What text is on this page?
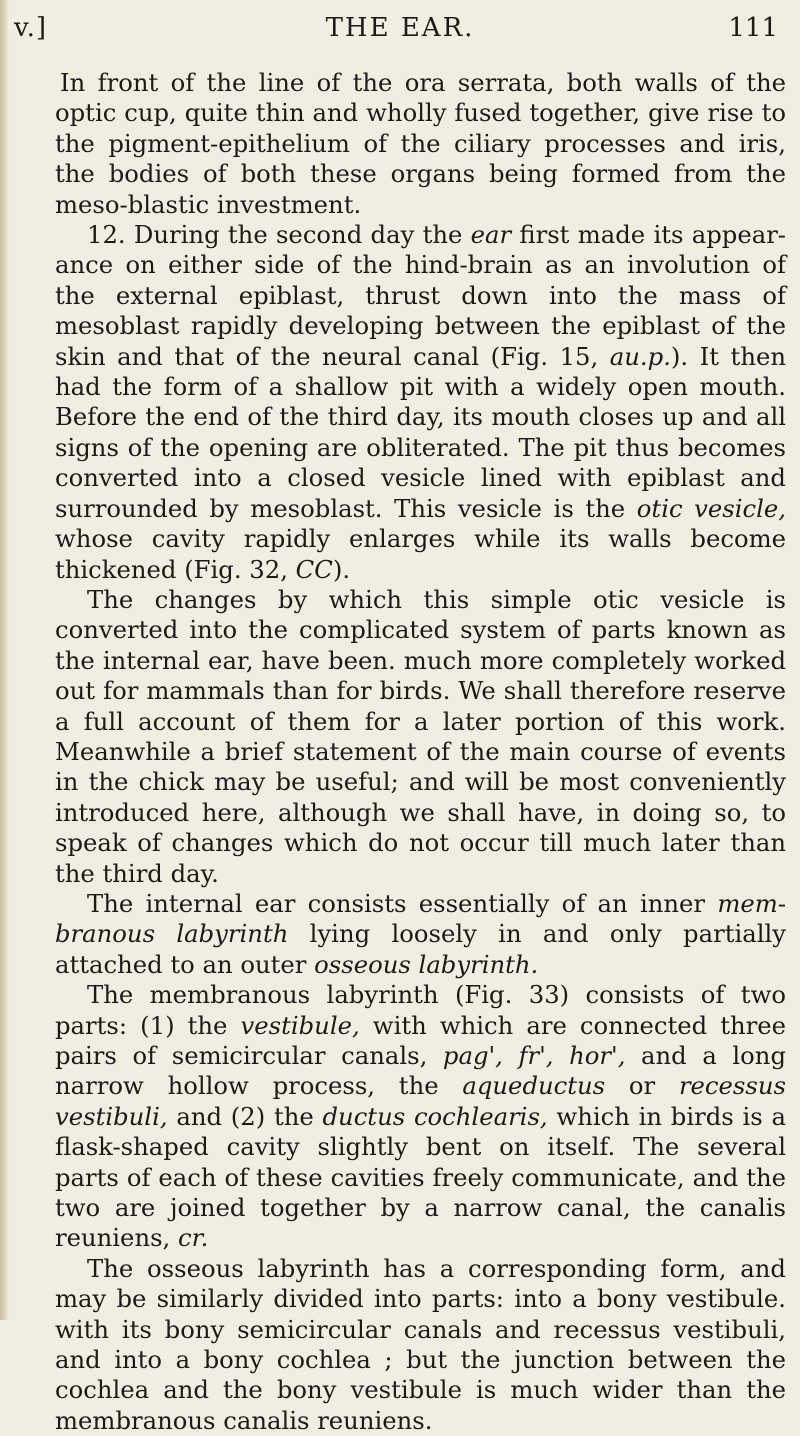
v.]	THE EAR.	111

In front of the line of the ora serrata, both walls of the optic cup, quite thin and wholly fused together, give rise to the pigment-epithelium of the ciliary processes and iris, the bodies of both these organs being formed from the meso-blastic investment.

12. During the second day the ear first made its appear-ance on either side of the hind-brain as an involution of the external epiblast, thrust down into the mass of mesoblast rapidly developing between the epiblast of the skin and that of the neural canal (Fig. 15, au.p.). It then had the form of a shallow pit with a widely open mouth. Before the end of the third day, its mouth closes up and all signs of the opening are obliterated. The pit thus becomes converted into a closed vesicle lined with epiblast and surrounded by mesoblast. This vesicle is the otic vesicle, whose cavity rapidly enlarges while its walls become thickened (Fig. 32, CC).

The changes by which this simple otic vesicle is converted into the complicated system of parts known as the internal ear, have been. much more completely worked out for mammals than for birds. We shall therefore reserve a full account of them for a later portion of this work. Meanwhile a brief statement of the main course of events in the chick may be useful; and will be most conveniently introduced here, although we shall have, in doing so, to speak of changes which do not occur till much later than the third day.

The internal ear consists essentially of an inner mem-branous labyrinth lying loosely in and only partially attached to an outer osseous labyrinth.

The membranous labyrinth (Fig. 33) consists of two parts: (1) the vestibule, with which are connected three pairs of semicircular canals, pag', fr', hor', and a long narrow hollow process, the aqueductus or recessus vestibuli, and (2) the ductus cochlearis, which in birds is a flask-shaped cavity slightly bent on itself. The several parts of each of these cavities freely communicate, and the two are joined together by a narrow canal, the canalis reuniens, cr.

The osseous labyrinth has a corresponding form, and may be similarly divided into parts: into a bony vestibule. with its bony semicircular canals and recessus vestibuli, and into a bony cochlea ; but the junction between the cochlea and the bony vestibule is much wider than the membranous canalis reuniens.
